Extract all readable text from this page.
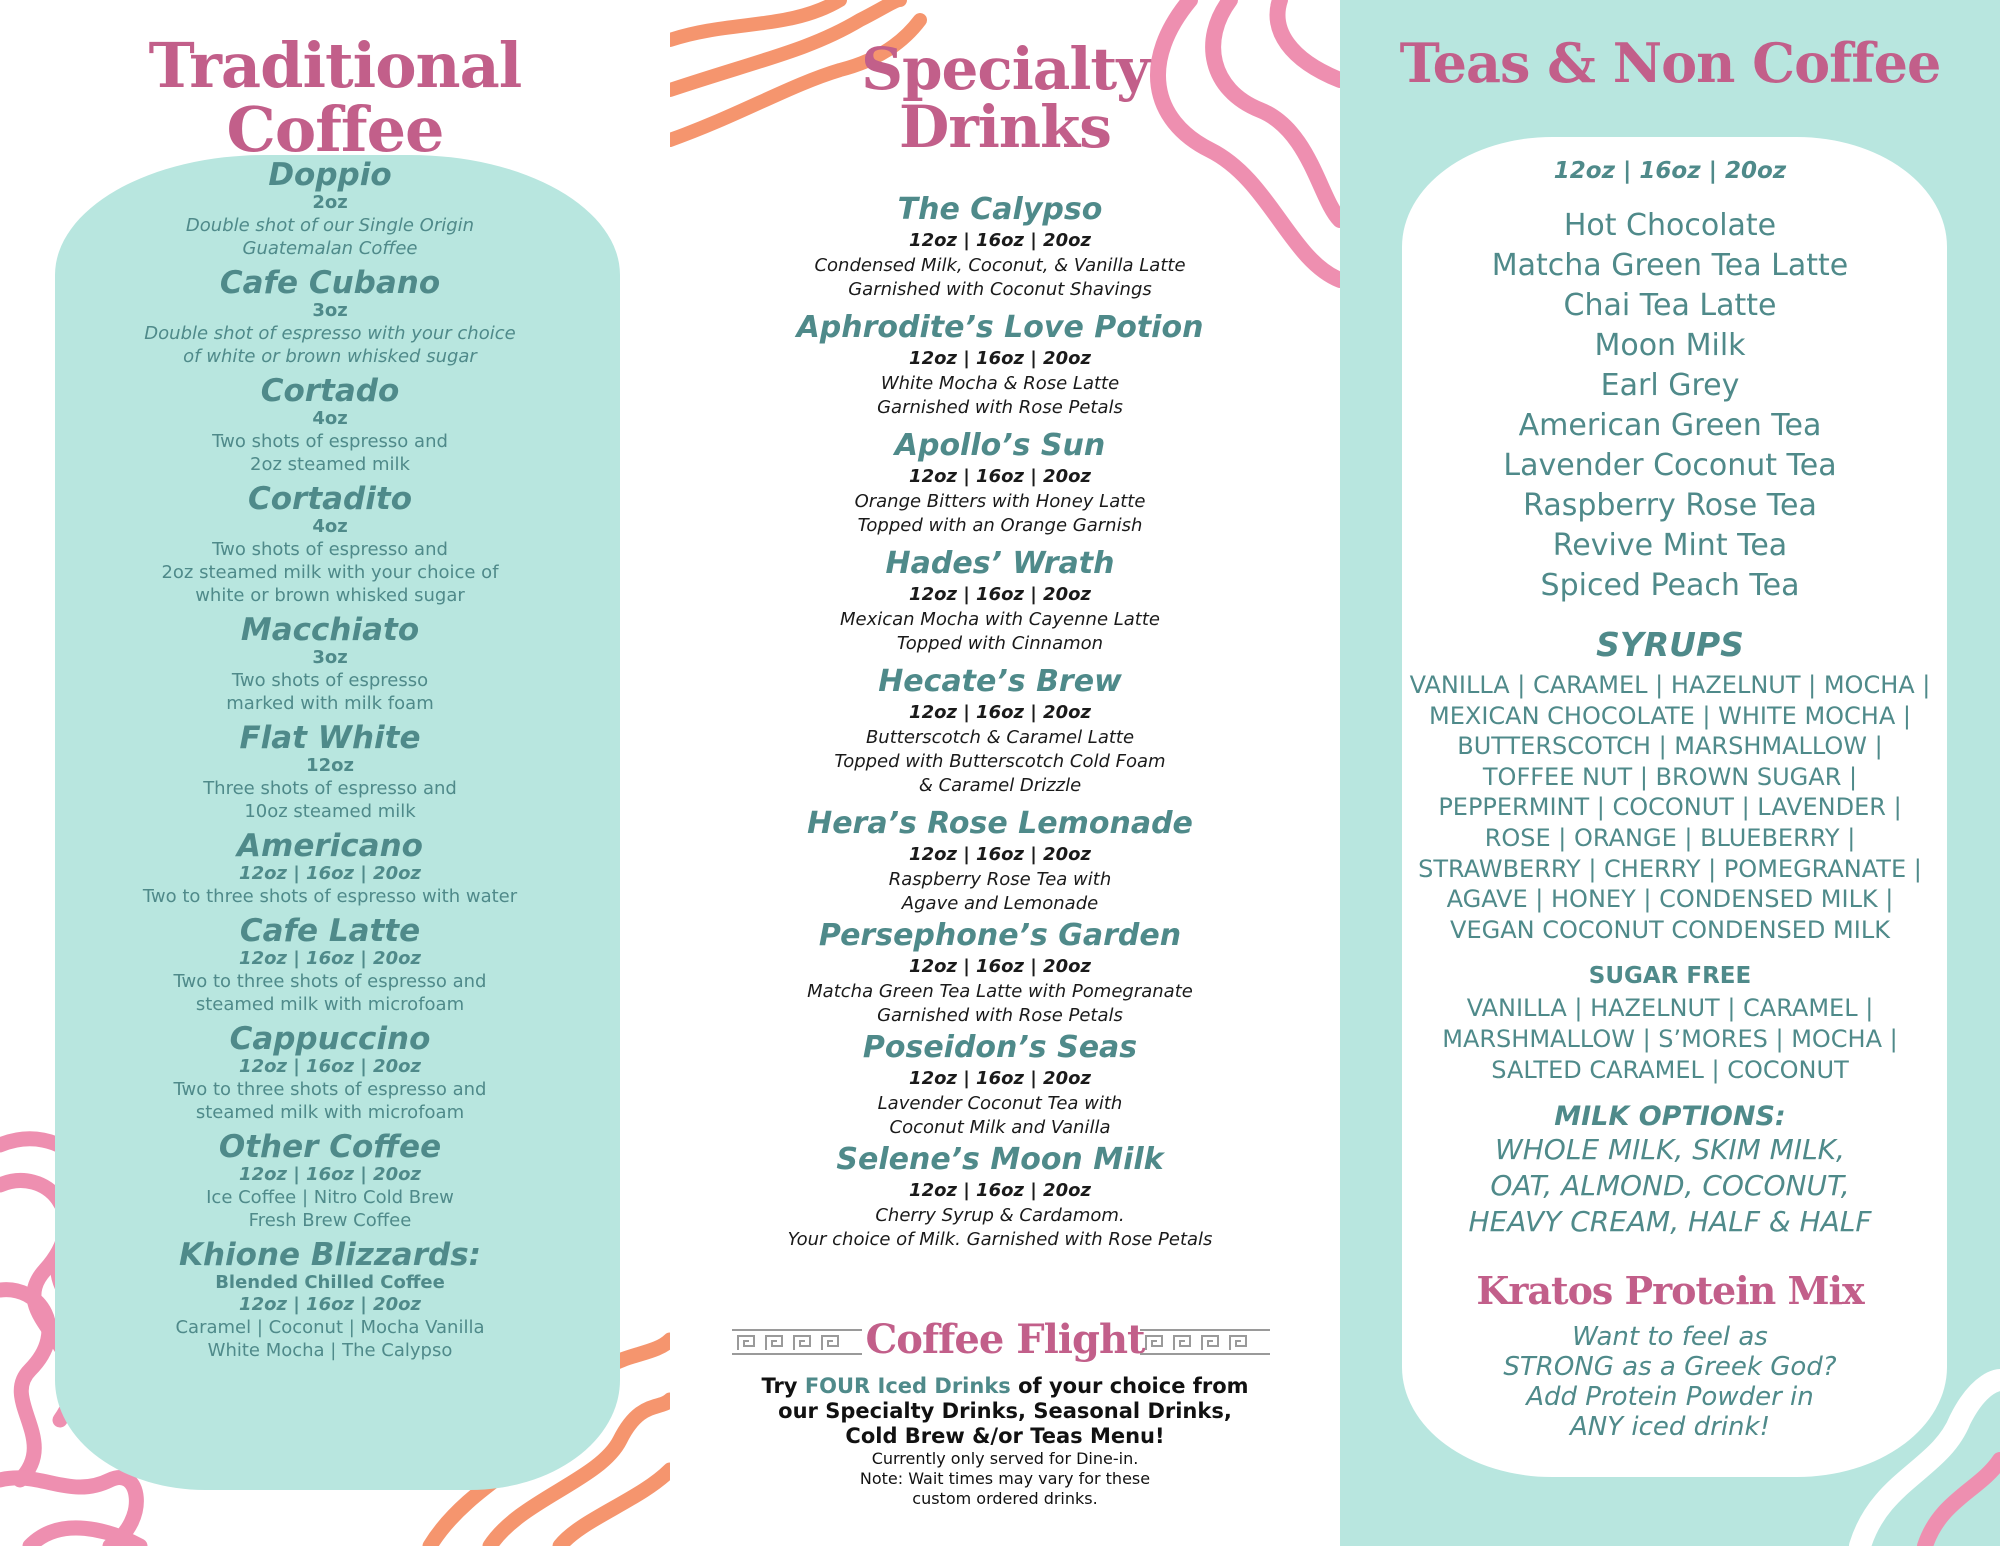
Traditional
Coffee
Doppio
2oz
Double shot of our Single Origin
Guatemalan Coffee
Cafe Cubano
3oz
Double shot of espresso with your choice
of white or brown whisked sugar
Cortado
4oz
Two shots of espresso and
2oz steamed milk
Cortadito
4oz
Two shots of espresso and
2oz steamed milk with your choice of
white or brown whisked sugar
Macchiato
3oz
Two shots of espresso
marked with milk foam
Flat White
12oz
Three shots of espresso and
10oz steamed milk
Americano
12oz | 16oz | 20oz
Two to three shots of espresso with water
Cafe Latte
12oz | 16oz | 20oz
Two to three shots of espresso and
steamed milk with microfoam
Cappuccino
12oz | 16oz | 20oz
Two to three shots of espresso and
steamed milk with microfoam
Other Coffee
12oz | 16oz | 20oz
Ice Coffee | Nitro Cold Brew
Fresh Brew Coffee
Khione Blizzards:
Blended Chilled Coffee
12oz | 16oz | 20oz
Caramel | Coconut | Mocha Vanilla
White Mocha | The Calypso
Specialty
Drinks
The Calypso
12oz | 16oz | 20oz
Condensed Milk, Coconut, & Vanilla Latte
Garnished with Coconut Shavings
Aphrodite’s Love Potion
12oz | 16oz | 20oz
White Mocha & Rose Latte
Garnished with Rose Petals
Apollo’s Sun
12oz | 16oz | 20oz
Orange Bitters with Honey Latte
Topped with an Orange Garnish
Hades’ Wrath
12oz | 16oz | 20oz
Mexican Mocha with Cayenne Latte
Topped with Cinnamon
Hecate’s Brew
12oz | 16oz | 20oz
Butterscotch & Caramel Latte
Topped with Butterscotch Cold Foam
& Caramel Drizzle
Hera’s Rose Lemonade
12oz | 16oz | 20oz
Raspberry Rose Tea with
Agave and Lemonade
Persephone’s Garden
12oz | 16oz | 20oz
Matcha Green Tea Latte with Pomegranate
Garnished with Rose Petals
Poseidon’s Seas
12oz | 16oz | 20oz
Lavender Coconut Tea with
Coconut Milk and Vanilla
Selene’s Moon Milk
12oz | 16oz | 20oz
Cherry Syrup & Cardamom.
Your choice of Milk. Garnished with Rose Petals
Coffee Flight
Try FOUR Iced Drinks of your choice from
our Specialty Drinks, Seasonal Drinks,
Cold Brew &/or Teas Menu!
Currently only served for Dine-in.
Note: Wait times may vary for these
custom ordered drinks.
Teas & Non Coffee
12oz | 16oz | 20oz
Hot Chocolate
Matcha Green Tea Latte
Chai Tea Latte
Moon Milk
Earl Grey
American Green Tea
Lavender Coconut Tea
Raspberry Rose Tea
Revive Mint Tea
Spiced Peach Tea
SYRUPS
VANILLA | CARAMEL | HAZELNUT | MOCHA |
MEXICAN CHOCOLATE | WHITE MOCHA |
BUTTERSCOTCH | MARSHMALLOW |
TOFFEE NUT | BROWN SUGAR |
PEPPERMINT | COCONUT | LAVENDER |
ROSE | ORANGE | BLUEBERRY |
STRAWBERRY | CHERRY | POMEGRANATE |
AGAVE | HONEY | CONDENSED MILK |
VEGAN COCONUT CONDENSED MILK
SUGAR FREE
VANILLA | HAZELNUT | CARAMEL |
MARSHMALLOW | S’MORES | MOCHA |
SALTED CARAMEL | COCONUT
MILK OPTIONS:
WHOLE MILK, SKIM MILK,
OAT, ALMOND, COCONUT,
HEAVY CREAM, HALF & HALF
Kratos Protein Mix
Want to feel as
STRONG as a Greek God?
Add Protein Powder in
ANY iced drink!
